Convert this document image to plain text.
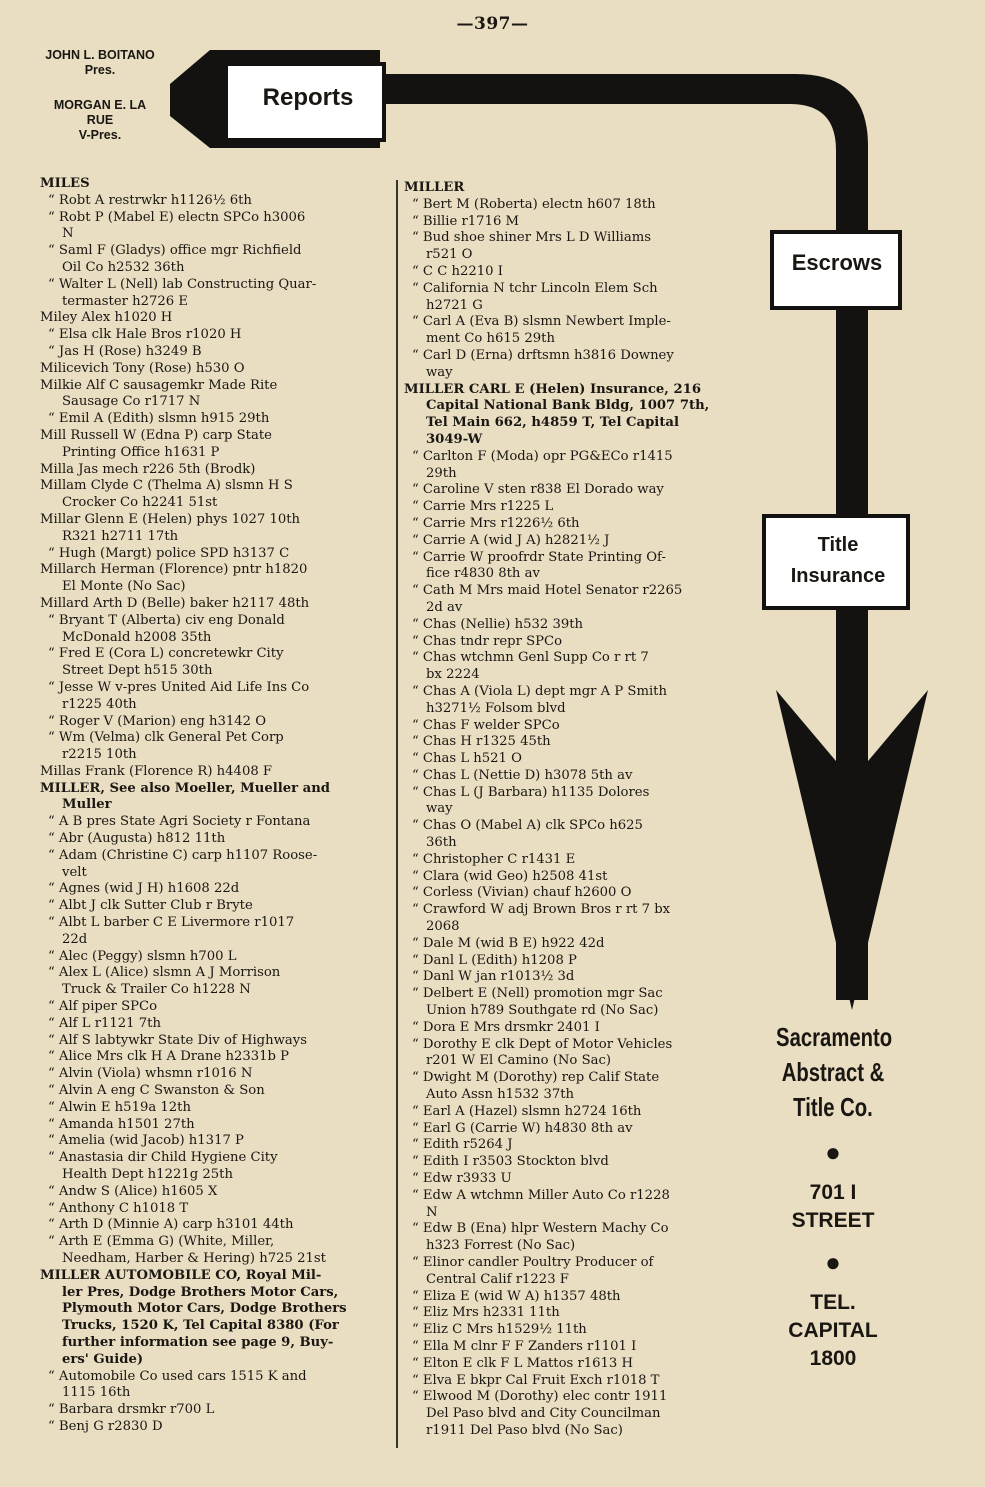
—397—
JOHN L. BOITANO
Pres.
MORGAN E. LA RUE
V-Pres.
Reports
Escrows
Title
Insurance
Sacramento
Abstract &
Title Co.
●
701 I
STREET
●
TEL.
CAPITAL
1800
MILES
“ Robt A restrwkr h1126½ 6th
“ Robt P (Mabel E) electn SPCo h3006
N
“ Saml F (Gladys) office mgr Richfield
Oil Co h2532 36th
“ Walter L (Nell) lab Constructing Quar-
termaster h2726 E
Miley Alex h1020 H
“ Elsa clk Hale Bros r1020 H
“ Jas H (Rose) h3249 B
Milicevich Tony (Rose) h530 O
Milkie Alf C sausagemkr Made Rite
Sausage Co r1717 N
“ Emil A (Edith) slsmn h915 29th
Mill Russell W (Edna P) carp State
Printing Office h1631 P
Milla Jas mech r226 5th (Brodk)
Millam Clyde C (Thelma A) slsmn H S
Crocker Co h2241 51st
Millar Glenn E (Helen) phys 1027 10th
R321 h2711 17th
“ Hugh (Margt) police SPD h3137 C
Millarch Herman (Florence) pntr h1820
El Monte (No Sac)
Millard Arth D (Belle) baker h2117 48th
“ Bryant T (Alberta) civ eng Donald
McDonald h2008 35th
“ Fred E (Cora L) concretewkr City
Street Dept h515 30th
“ Jesse W v-pres United Aid Life Ins Co
r1225 40th
“ Roger V (Marion) eng h3142 O
“ Wm (Velma) clk General Pet Corp
r2215 10th
Millas Frank (Florence R) h4408 F
MILLER, See also Moeller, Mueller and
Muller
“ A B pres State Agri Society r Fontana
“ Abr (Augusta) h812 11th
“ Adam (Christine C) carp h1107 Roose-
velt
“ Agnes (wid J H) h1608 22d
“ Albt J clk Sutter Club r Bryte
“ Albt L barber C E Livermore r1017
22d
“ Alec (Peggy) slsmn h700 L
“ Alex L (Alice) slsmn A J Morrison
Truck & Trailer Co h1228 N
“ Alf piper SPCo
“ Alf L r1121 7th
“ Alf S labtywkr State Div of Highways
“ Alice Mrs clk H A Drane h2331b P
“ Alvin (Viola) whsmn r1016 N
“ Alvin A eng C Swanston & Son
“ Alwin E h519a 12th
“ Amanda h1501 27th
“ Amelia (wid Jacob) h1317 P
“ Anastasia dir Child Hygiene City
Health Dept h1221g 25th
“ Andw S (Alice) h1605 X
“ Anthony C h1018 T
“ Arth D (Minnie A) carp h3101 44th
“ Arth E (Emma G) (White, Miller,
Needham, Harber & Hering) h725 21st
MILLER AUTOMOBILE CO, Royal Mil-
ler Pres, Dodge Brothers Motor Cars,
Plymouth Motor Cars, Dodge Brothers
Trucks, 1520 K, Tel Capital 8380 (For
further information see page 9, Buy-
ers' Guide)
“ Automobile Co used cars 1515 K and
1115 16th
“ Barbara drsmkr r700 L
“ Benj G r2830 D
MILLER
“ Bert M (Roberta) electn h607 18th
“ Billie r1716 M
“ Bud shoe shiner Mrs L D Williams
r521 O
“ C C h2210 I
“ California N tchr Lincoln Elem Sch
h2721 G
“ Carl A (Eva B) slsmn Newbert Imple-
ment Co h615 29th
“ Carl D (Erna) drftsmn h3816 Downey
way
MILLER CARL E (Helen) Insurance, 216
Capital National Bank Bldg, 1007 7th,
Tel Main 662, h4859 T, Tel Capital
3049-W
“ Carlton F (Moda) opr PG&ECo r1415
29th
“ Caroline V sten r838 El Dorado way
“ Carrie Mrs r1225 L
“ Carrie Mrs r1226½ 6th
“ Carrie A (wid J A) h2821½ J
“ Carrie W proofrdr State Printing Of-
fice r4830 8th av
“ Cath M Mrs maid Hotel Senator r2265
2d av
“ Chas (Nellie) h532 39th
“ Chas tndr repr SPCo
“ Chas wtchmn Genl Supp Co r rt 7
bx 2224
“ Chas A (Viola L) dept mgr A P Smith
h3271½ Folsom blvd
“ Chas F welder SPCo
“ Chas H r1325 45th
“ Chas L h521 O
“ Chas L (Nettie D) h3078 5th av
“ Chas L (J Barbara) h1135 Dolores
way
“ Chas O (Mabel A) clk SPCo h625
36th
“ Christopher C r1431 E
“ Clara (wid Geo) h2508 41st
“ Corless (Vivian) chauf h2600 O
“ Crawford W adj Brown Bros r rt 7 bx
2068
“ Dale M (wid B E) h922 42d
“ Danl L (Edith) h1208 P
“ Danl W jan r1013½ 3d
“ Delbert E (Nell) promotion mgr Sac
Union h789 Southgate rd (No Sac)
“ Dora E Mrs drsmkr 2401 I
“ Dorothy E clk Dept of Motor Vehicles
r201 W El Camino (No Sac)
“ Dwight M (Dorothy) rep Calif State
Auto Assn h1532 37th
“ Earl A (Hazel) slsmn h2724 16th
“ Earl G (Carrie W) h4830 8th av
“ Edith r5264 J
“ Edith I r3503 Stockton blvd
“ Edw r3933 U
“ Edw A wtchmn Miller Auto Co r1228
N
“ Edw B (Ena) hlpr Western Machy Co
h323 Forrest (No Sac)
“ Elinor candler Poultry Producer of
Central Calif r1223 F
“ Eliza E (wid W A) h1357 48th
“ Eliz Mrs h2331 11th
“ Eliz C Mrs h1529½ 11th
“ Ella M clnr F F Zanders r1101 I
“ Elton E clk F L Mattos r1613 H
“ Elva E bkpr Cal Fruit Exch r1018 T
“ Elwood M (Dorothy) elec contr 1911
Del Paso blvd and City Councilman
r1911 Del Paso blvd (No Sac)
